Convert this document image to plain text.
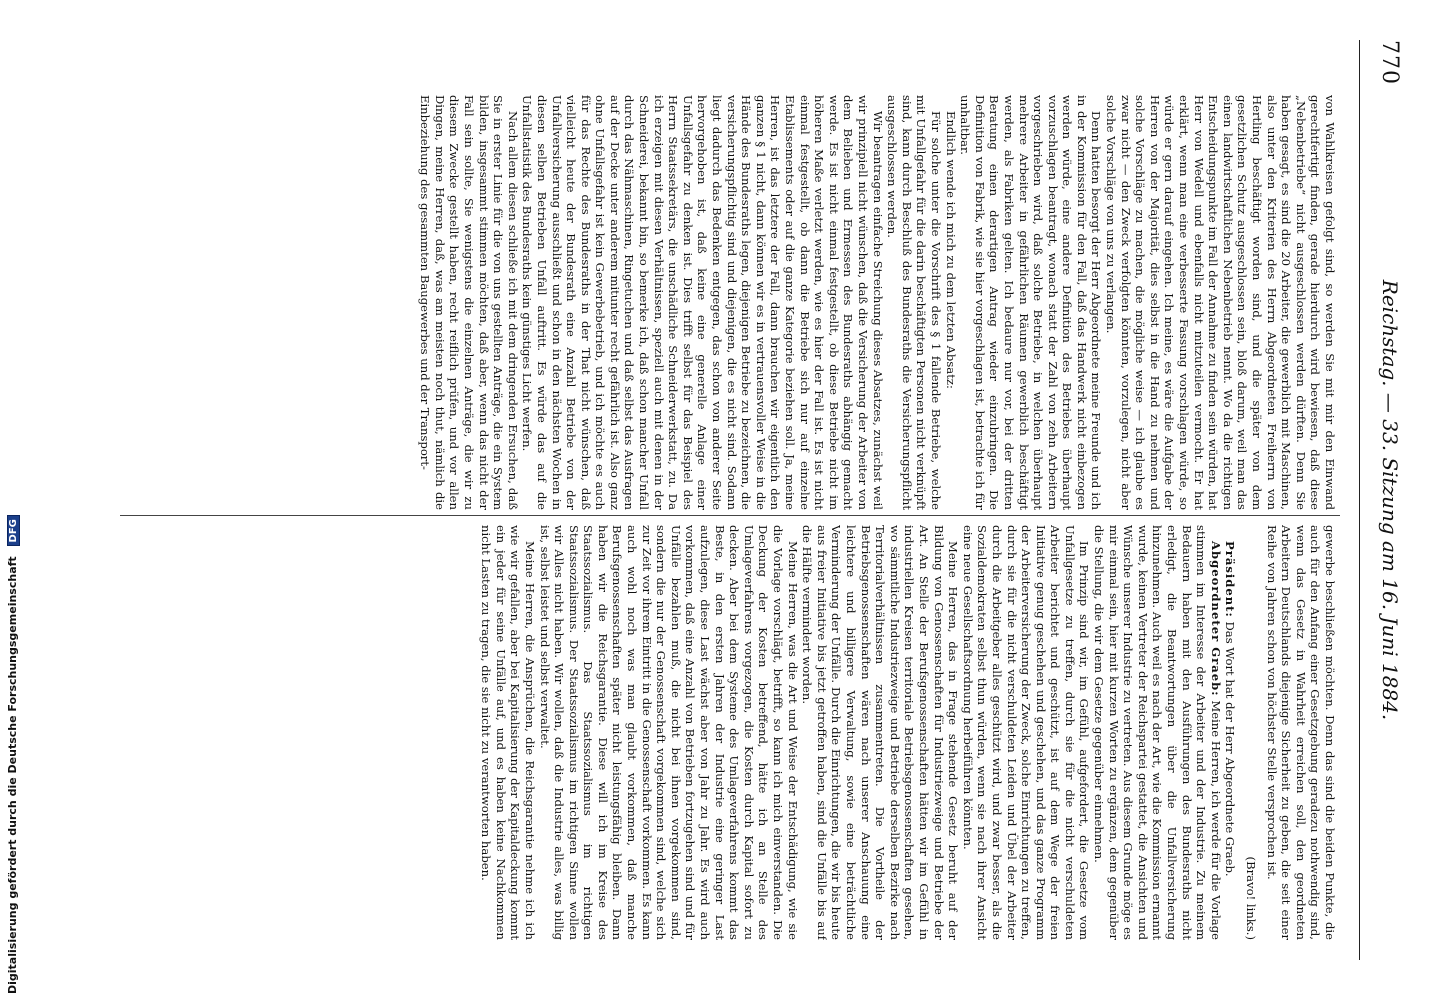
770
Reichstag. — 33. Sitzung am 16. Juni 1884.

von Wahlkreisen gefolgt sind, so werden Sie mit mir den Einwand gerechtfertigt finden, gerade hierdurch wird bewiesen, daß diese „Nebenbetriebe“ nicht ausgeschlossen werden dürften. Denn Sie haben gesagt, es sind die 20 Arbeiter, die gewerblich mit Maschinen, also unter den Kriterien des Herrn Abgeordneten Freiherrn von Hertling beschäftigt worden sind, und die später von dem gesetzlichen Schutz ausgeschlossen sein, bloß darum, weil man das einen landwirtschaftlichen Nebenbetrieb nennt. Wo da die richtigen Entscheidungspunkte im Fall der Annahme zu finden sein würden, hat Herr von Wedell und ebenfalls nicht mitzuteilen vermocht. Er hat erklärt, wenn man eine verbesserte Fassung vorschlagen würde, so würde er gern darauf eingehen. Ich meine, es wäre die Aufgabe der Herren von der Majorität, dies selbst in die Hand zu nehmen und solche Vorschläge zu machen, die mögliche weise — ich glaube es zwar nicht — den Zweck verfolgten könnten, vorzulegen, nicht aber solche Vorschläge von uns zu verlangen.

Denn hatten besorgt der Herr Abgeordnete meine Freunde und ich in der Kommission für den Fall, daß das Handwerk nicht einbezogen werden würde, eine andere Definition des Betriebes überhaupt vorzuschlagen beantragt, wonach statt der Zahl von zehn Arbeitern vorgeschrieben wird, daß solche Betriebe, in welchen überhaupt mehrere Arbeiter in gefährlichen Räumen gewerblich beschäftigt werden, als Fabriken gelten. Ich bedaure nur vor, bei der dritten Beratung einen derartigen Antrag wieder einzubringen. Die Definition von Fabrik, wie sie hier vorgeschlagen ist, betrachte ich für unhaltbar.

Endlich wende ich mich zu dem letzten Absatz:

Für solche unter die Vorschrift des § 1 fallende Betriebe, welche mit Unfallgefahr für die darin beschäftigten Personen nicht verknüpft sind, kann durch Beschluß des Bundesraths die Versicherungspflicht ausgeschlossen werden.

Wir beantragen einfache Streichung dieses Absatzes, zunächst weil wir prinzipiell nicht wünschen, daß die Versicherung der Arbeiter von dem Belieben und Ermessen des Bundesraths abhängig gemacht werde. Es ist nicht einmal festgestellt, ob diese Betriebe nicht im höheren Maße verletzt werden, wie es hier der Fall ist. Es ist nicht einmal festgestellt, ob dann die Betriebe sich nur auf einzelne Etablissements oder auf die ganze Kategorie beziehen soll. Ja, meine Herren, ist das letztere der Fall, dann brauchen wir eigentlich den ganzen § 1 nicht, dann können wir es in vertrauensvoller Weise in die Hände des Bundesraths legen, diejenigen Betriebe zu bezeichnen, die versicherungspflichtig sind und diejenigen, die es nicht sind. Sodann liegt dadurch das Bedenken entgegen, das schon von anderer Seite hervorgehoben ist, daß keine eine generelle Anlage einer Unfallsgefahr zu denken ist. Dies trifft selbst für das Beispiel des Herrn Staatssekretärs, die unschädliche Schneiderwerkstatt, zu. Da ich erzeigen mit diesen Verhältnissen, speziell auch mit denen in der Schneiderei, bekannt bin, so bemerke ich, daß schon mancher Unfall durch das Nähmaschinen, Ringetuchen und daß selbst das Ausfragen auf der Decke unter anderem mitunter recht gefährlich ist. Also ganz ohne Unfallsgefahr ist kein Gewerbebetrieb, und ich möchte es auch für das Rechte des Bundesraths in der That nicht wünschen, daß vielleicht heute der Bundesrath eine Anzahl Betriebe von der Unfallversicherung ausschließt und schon in den nächsten Wochen in diesen selben Betrieben Unfall auftritt. Es würde das auf die Unfallstatistik des Bundesraths kein günstiges Licht werfen.

Nach allem diesen schließe ich mit dem dringenden Ersuchen, daß Sie in erster Linie für die von uns gestellten Anträge, die ein System bilden, insgesammt stimmen möchten, daß aber, wenn das nicht der Fall sein sollte, Sie wenigstens die einzelnen Anträge, die wir zu diesem Zwecke gestellt haben, recht reiflich prüfen, und vor allen Dingen, meine Herren, daß, was am meisten noch thut, nämlich die Einbeziehung des gesammten Baugewerbes und der Transport-

gewerbe beschließen möchten. Denn das sind die beiden Punkte, die auch für den Anfang einer Gesetzgebung geradezu nothwendig sind, wenn das Gesetz in Wahrheit erreichen soll, den geordneten Arbeitern Deutschlands diejenige Sicherheit zu geben, die seit einer Reihe von Jahren schon von höchster Stelle versprochen ist.

(Bravo! links.)

Präsident: Das Wort hat der Herr Abgeordnete Graeb.

Abgeordneter Graeb: Meine Herren, ich werde für die Vorlage stimmen im Interesse der Arbeiter und der Industrie. Zu meinem Bedauern haben mit den Ausführungen des Bundesraths nicht erledigt, die Beantwortungen über die Unfallversicherung hinzunehmen. Auch weil es nach der Art, wie die Kommission ernannt wurde, keinen Vertreter der Reichspartei gestattet, die Ansichten und Wünsche unserer Industrie zu vertreten. Aus diesem Grunde möge es mir einmal sein, hier mit kurzen Worten zu ergänzen, dem gegenüber die Stellung, die wir dem Gesetze gegenüber einnehmen.

Im Prinzip sind wir, im Gefühl, aufgefordert, die Gesetze vom Unfallgesetze zu treffen, durch sie für die nicht verschuldeten Arbeiter berichtet und geschützt, ist auf dem Wege der freien Initiative genug geschehen und geschehen, und das ganze Programm der Arbeiterversicherung der Zweck, solche Einrichtungen zu treffen, durch sie für die nicht verschuldeten Leiden und Übel der Arbeiter durch die Arbeitgeber alles geschützt wird, und zwar besser, als die Sozialdemokraten selbst thun würden, wenn sie nach ihrer Ansicht eine neue Gesellschaftsordnung herbeiführen könnten.

Meine Herren, das in Frage stehende Gesetz beruht auf der Bildung von Genossenschaften für Industriezweige und Betriebe der Art. An Stelle der Berufsgenossenschaften hätten wir im Gefühl in industriellen Kreisen territoriale Betriebsgenossenschaften gesehen, wo sämmtliche Industriezweige und Betriebe derselben Bezirke nach Territorialverhältnissen zusammentreten. Die Vortheile der Betriebsgenossenschaften wären nach unserer Anschauung eine leichtere und billigere Verwaltung, sowie eine beträchtliche Verminderung der Unfälle. Durch die Einrichtungen, die wir bis heute aus freier Initiative bis jetzt getroffen haben, sind die Unfälle bis auf die Hälfte vermindert worden.

Meine Herren, was die Art und Weise der Entschädigung, wie sie die Vorlage vorschlägt, betrifft, so kann ich mich einverstanden. Die Deckung der Kosten betreffend, hätte ich an Stelle des Umlageverfahrens vorgezogen, die Kosten durch Kapital sofort zu decken. Aber bei dem Systeme des Umlageverfahrens kommt das Beste, in den ersten Jahren der Industrie eine geringer Last aufzulegen, diese Last wächst aber von Jahr zu Jahr. Es wird auch vorkommen, daß eine Anzahl von Betrieben fortzugehen sind und für Unfälle bezahlen muß, die nicht bei ihnen vorgekommen sind, sondern die nur der Genossenschaft vorgekommen sind, welche sich zur Zeit vor ihrem Eintritt in die Genossenschaft vorkommen. Es kann auch wohl noch was man glaubt vorkommen, daß manche Berufsgenossenschaften später nicht leistungsfähig bleiben. Dann haben wir die Reichsgarantie. Diese will ich im Kreise des Staatssozialismus. Das Staatssozialismus im richtigen Staatssozialismus. Der Staatssozialismus im richtigen Sinne wollen wir Alles nicht haben. Wir wollen, daß die Industrie alles, was billig ist, selbst leistet und selbst verwaltet.

Meine Herren, die Ansprüchen, die Reichsgarantie nehme ich ich wie wir gefallen, aber bei Kapitalisierung der Kapitaldeckung kommt ein jeder für seine Unfälle auf, und es haben keine Nachkommen nicht Lasten zu tragen, die sie nicht zu verantworten haben.

Digitalisierung gefördert durch die Deutsche Forschungsgemeinschaft DFG
